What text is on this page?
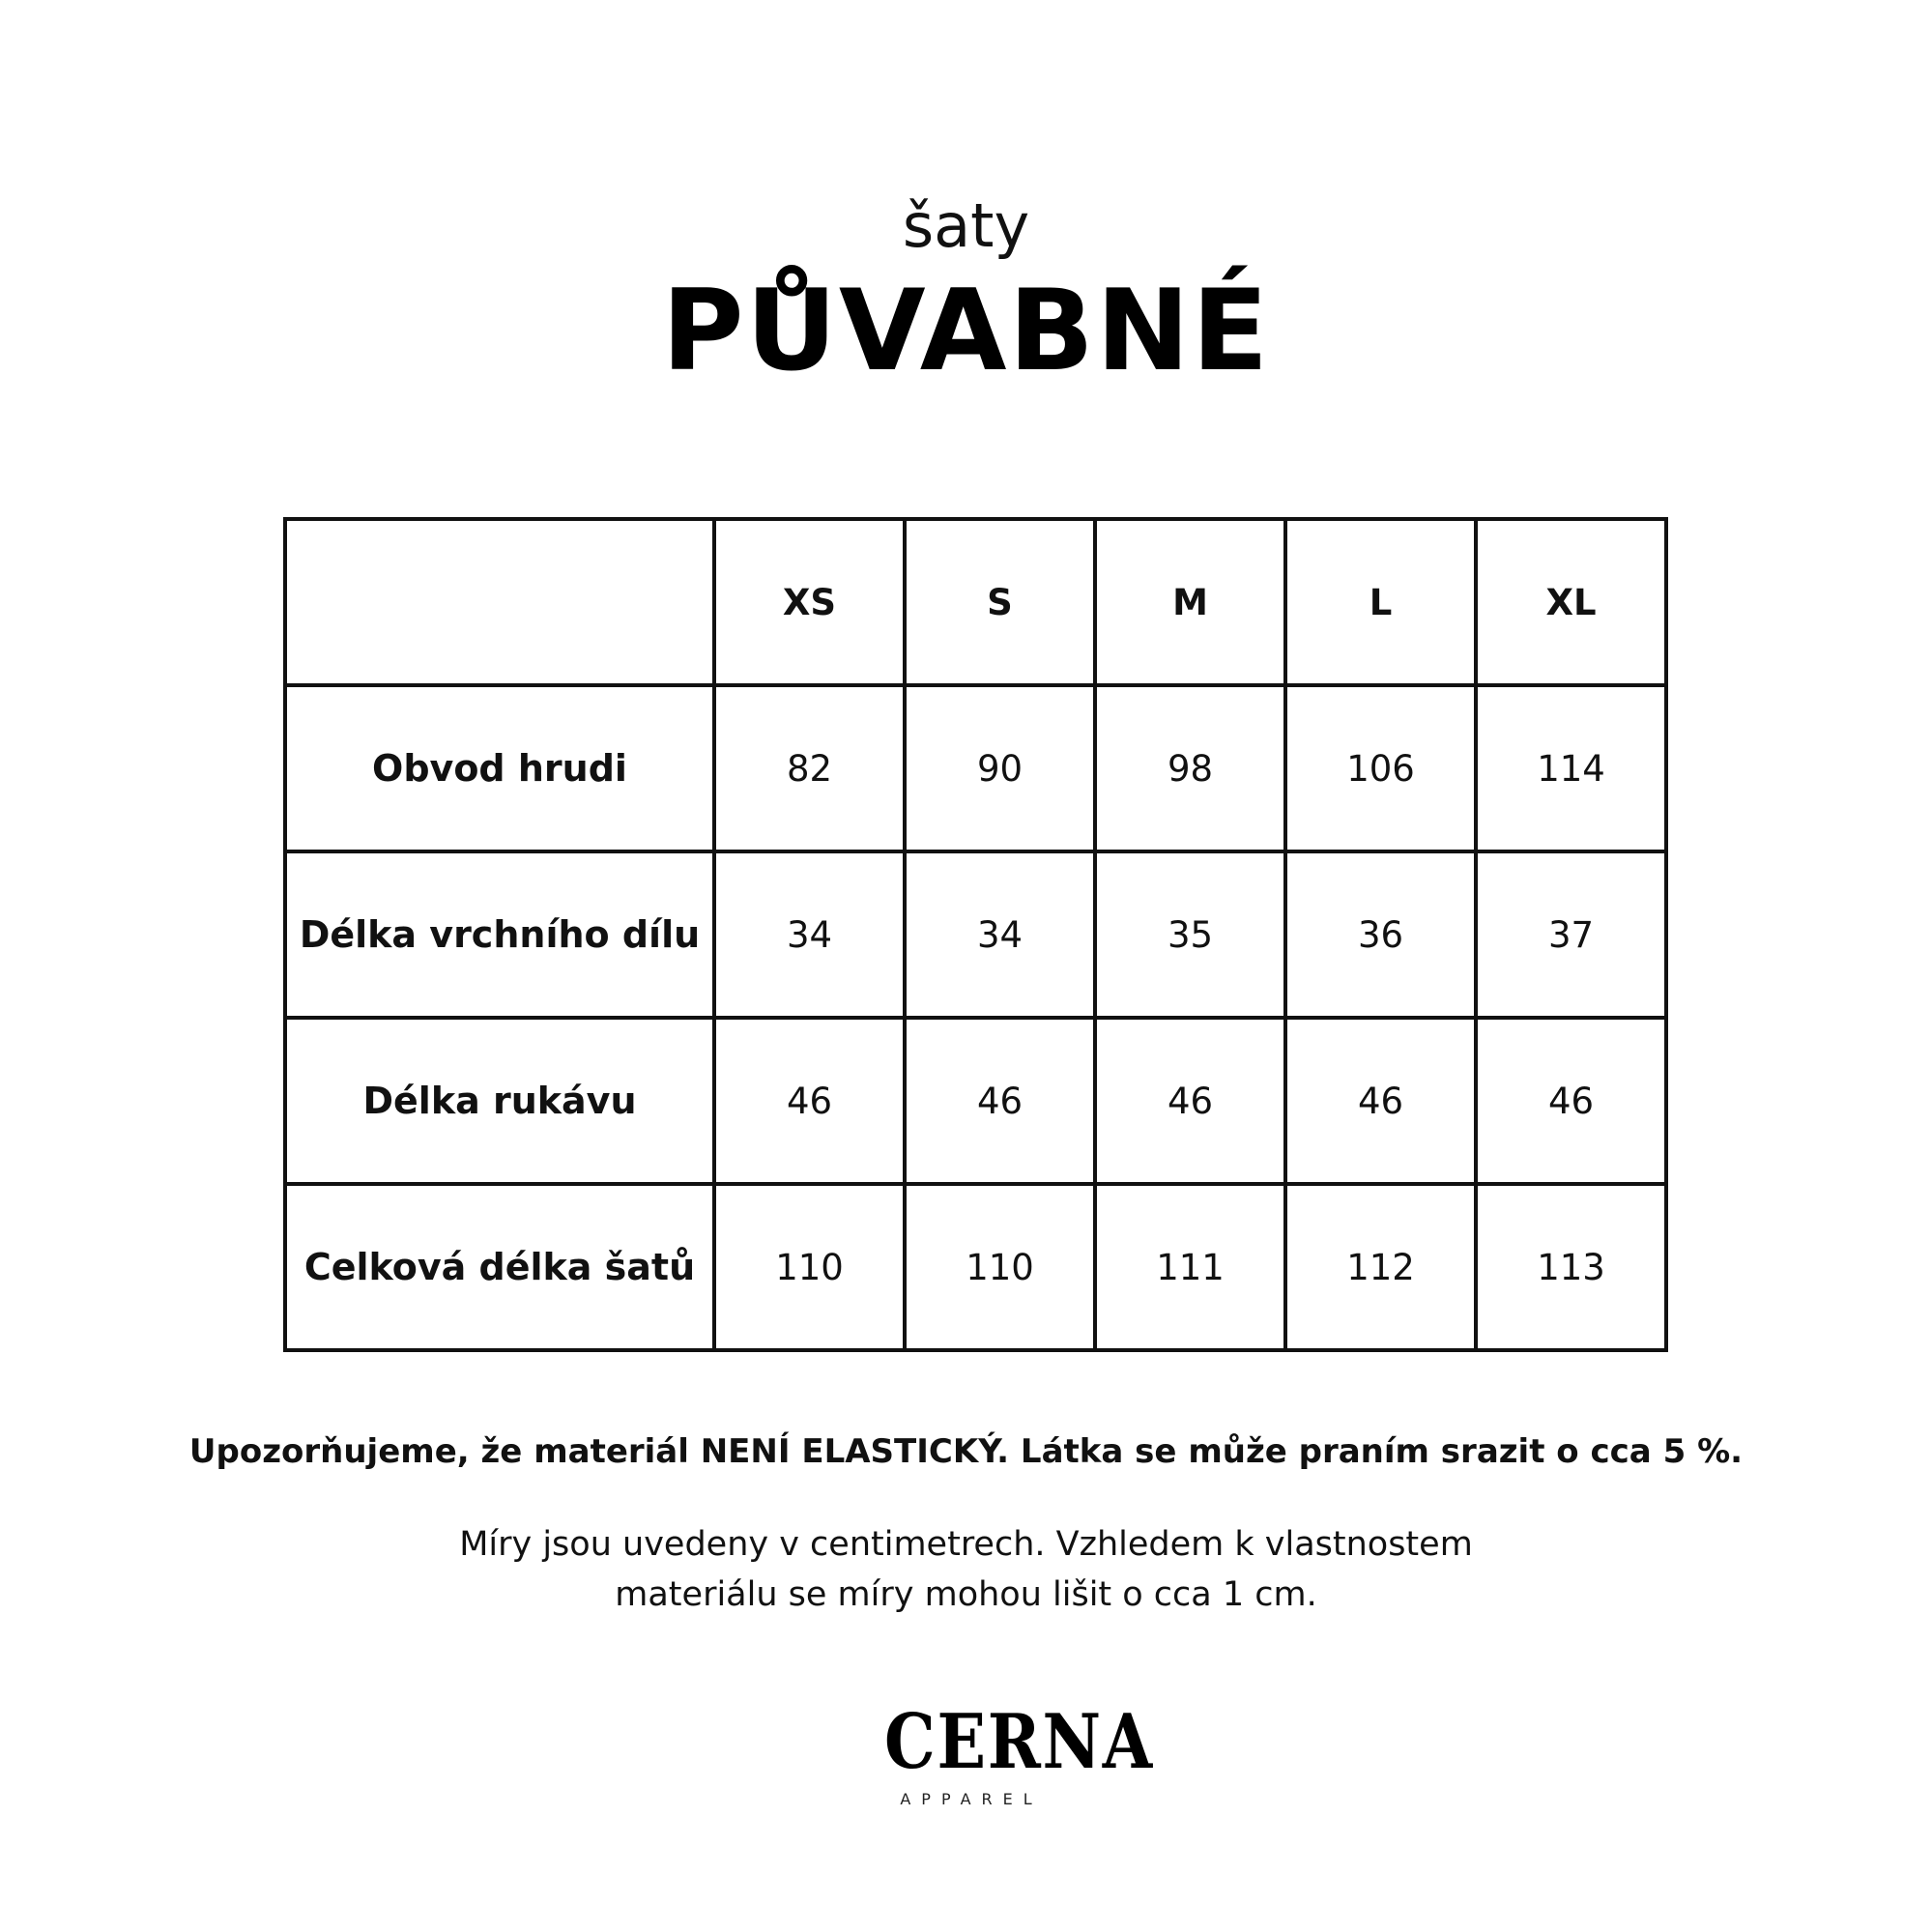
šaty
PŮVABNÉ
	XS	S	M	L	XL
Obvod hrudi	82	90	98	106	114
Délka vrchního dílu	34	34	35	36	37
Délka rukávu	46	46	46	46	46
Celková délka šatů	110	110	111	112	113
Upozorňujeme, že materiál NENÍ ELASTICKÝ. Látka se může praním srazit o cca 5 %.
Míry jsou uvedeny v centimetrech. Vzhledem k vlastnostem
materiálu se míry mohou lišit o cca 1 cm.
CERNA
APPAREL
